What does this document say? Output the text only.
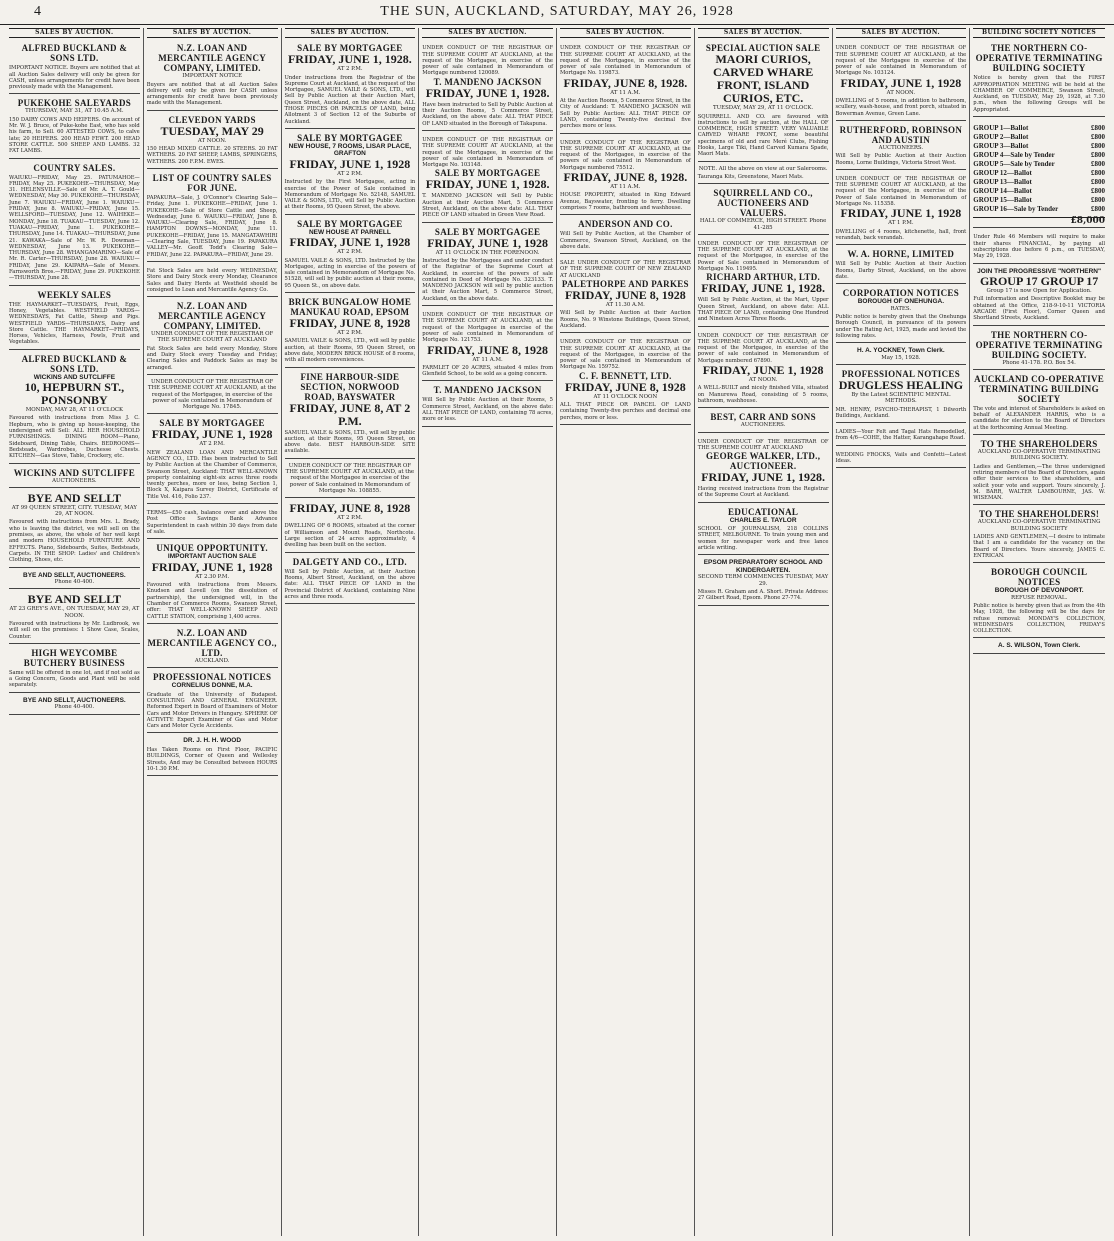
4	THE SUN, AUCKLAND, SATURDAY, MAY 26, 1928
SALES BY AUCTION.
ALFRED BUCKLAND & SONS LTD.
IMPORTANT NOTICE. Buyers are notified that at all Auction Sales delivery will only be given for CASH, unless arrangements for credit have been previously made with the Management.
PUKEKOHE SALEYARDS
THURSDAY, MAY 31, AT 10.45 A.M.
150 DAIRY COWS AND HEIFERS. On account of Mr. W. J. Bruce, of Puke-kohe East, who has sold his farm, to Sell. 60 ATTESTED COWS, to calve late; 20 HEIFERS. 200 HEAD FEWT. 200 HEAD STORE CATTLE. 500 SHEEP AND LAMBS. 32 FAT LAMBS.
COUNTRY SALES.
WAIUKU—FRIDAY, May 25. PATUMAHOE—FRIDAY, May 25. PUKEKOHE—THURSDAY, May 31. HELENSVILLE—Sale of Mr. A. T. Gould—WEDNESDAY, May 30. PUKEKOHE—THURSDAY, June 7. WAIUKU—FRIDAY, June 1. WAIUKU—FRIDAY, June 8. WAIUKU—FRIDAY, June 15. WELLSFORD—TUESDAY, June 12. WAIHEKE—MONDAY, June 18. TUAKAU—TUESDAY, June 12. TUAKAU—FRIDAY, June 1. PUKEKOHE—THURSDAY, June 14. TUAKAU—THURSDAY, June 21. KAWAKA—Sale of Mr. W. R. Dowman—WEDNESDAY, June 13. PUKEKOHE—THURSDAY, June 28. WHANGAMARINO—Sale of Mr. R. Carter—THURSDAY, June 28. WAIUKU—FRIDAY, June 29. KAIPARA—Sale of Messrs. Farnsworth Bros.—FRIDAY, June 29. PUKEKOHE—THURSDAY, June 28.
WEEKLY SALES
THE HAYMARKET—TUESDAYS, Fruit, Eggs, Honey, Vegetables. WESTFIELD YARDS—WEDNESDAYS, Fat Cattle, Sheep and Pigs. WESTFIELD YARDS—THURSDAYS, Dairy and Store Cattle. THE HAYMARKET—FRIDAYS, Horses, Vehicles, Harness, Fowls, Fruit and Vegetables.
ALFRED BUCKLAND & SONS LTD.
WICKINS AND SUTCLIFFE
10, HEPBURN ST., PONSONBY
MONDAY, MAY 28, AT 11 O'CLOCK
Favoured with instructions from Miss J. C. Hepburn, who is giving up house-keeping, the undersigned will Sell: ALL HER HOUSEHOLD FURNISHINGS. DINING ROOM—Piano, Sideboard, Dining Table, Chairs. BEDROOMS—Bedsteads, Wardrobes, Duchesse Chests. KITCHEN—Gas Stove, Table, Crockery, etc.
WICKINS AND SUTCLIFFE
AUCTIONEERS.
BYE AND SELLT
AT 99 QUEEN STREET, CITY. TUESDAY, MAY 29, AT NOON.
Favoured with instructions from Mrs. L. Brady, who is leaving the district, we will sell on the premises, as above, the whole of her well kept and modern HOUSEHOLD FURNITURE AND EFFECTS. Piano, Sideboards, Suites, Bedsteads, Carpets. IN THE SHOP: Ladies' and Children's Clothing, Shoes, etc.
BYE AND SELLT, AUCTIONEERS.
Phone 40-400.
BYE AND SELLT
AT 23 GREY'S AVE., ON TUESDAY, MAY 29, AT NOON.
Favoured with instructions by Mr. Ludbrook, we will sell on the premises: 1 Show Case, Scales, Counter.
HIGH WEYCOMBE BUTCHERY BUSINESS
Same will be offered in one lot, and if not sold as a Going Concern, Goods and Plant will be sold separately.
BYE AND SELLT, AUCTIONEERS.
Phone 40-400.
SALES BY AUCTION.
N.Z. LOAN AND MERCANTILE AGENCY COMPANY, LIMITED.
IMPORTANT NOTICE
Buyers are notified that at all Auction Sales delivery will only be given for CASH unless arrangements for credit have been previously made with the Management.
CLEVEDON YARDS
TUESDAY, MAY 29
AT NOON.
150 HEAD MIXED CATTLE. 20 STEERS. 20 FAT WETHERS. 20 FAT SHEEP, LAMBS, SPRINGERS, WETHERS. 200 F.P.M. EWES.
LIST OF COUNTRY SALES FOR JUNE.
PAPAKURA—Sale, J. O'Connor's Clearing Sale—Friday, June 1. PUKEKOHE—FRIDAY, June 1. PUKEKOHE—Sale of Store Cattle and Sheep, Wednesday, June 6. WAIUKU—FRIDAY, June 8. WAIUKU—Clearing Sale, FRIDAY, June 8. HAMPTON DOWNS—MONDAY, June 11. PUKEKOHE—FRIDAY, June 15. MANGATAWHIRI—Clearing Sale, TUESDAY, June 19. PAPAKURA VALLEY—Mr. Geoff. Todd's Clearing Sale—FRIDAY, June 22. PAPAKURA—FRIDAY, June 29.
Fat Stock Sales are held every WEDNESDAY, Store and Dairy Stock every Monday, Clearance Sales and Dairy Herds at Westfield should be consigned to Loan and Mercantile Agency Co.
N.Z. LOAN AND MERCANTILE AGENCY COMPANY, LIMITED.
UNDER CONDUCT OF THE REGISTRAR OF THE SUPREME COURT AT AUCKLAND
Fat Stock Sales are held every Monday, Store and Dairy Stock every Tuesday and Friday; Clearing Sales and Paddock Sales as may be arranged.
UNDER CONDUCT OF THE REGISTRAR OF THE SUPREME COURT AT AUCKLAND, at the request of the Mortgagee, in exercise of the power of sale contained in Memorandum of Mortgage No. 17845.
SALE BY MORTGAGEE
FRIDAY, JUNE 1, 1928
AT 2 P.M.
NEW ZEALAND LOAN AND MERCANTILE AGENCY CO., LTD. Has been instructed to Sell by Public Auction at the Chamber of Commerce, Swanson Street, Auckland: THAT WELL-KNOWN property containing eight-six acres three roods twenty perches, more or less, being Section 1, Block X, Kaipara Survey District, Certificate of Title Vol. 416, Folio 237.
TERMS—£50 cash, balance over and above the Post Office Savings Bank Advance Superintendent in cash within 30 days from date of sale.
UNIQUE OPPORTUNITY.
IMPORTANT AUCTION SALE
FRIDAY, JUNE 1, 1928
AT 2.30 P.M.
Favoured with instructions from Messrs. Knudsen and Lovell (on the dissolution of partnership), the undersigned will, in the Chamber of Commerce Rooms, Swanson Street, offer: THAT WELL-KNOWN SHEEP AND CATTLE STATION, comprising 1,400 acres.
N.Z. LOAN AND MERCANTILE AGENCY CO., LTD.
AUCKLAND.
PROFESSIONAL NOTICES
CORNELIUS DONNE, M.A.
Graduate of the University of Budapest. CONSULTING AND GENERAL ENGINEER. Reformed Expert in Board of Examiners of Motor Cars and Motor Drivers in Hungary. SPHERE OF ACTIVITY: Expert Examiner of Gas and Motor Cars and Motor Cycle Accidents.
DR. J. H. H. WOOD
Has Taken Rooms on First Floor, PACIFIC BUILDINGS, Corner of Queen and Wellesley Streets, And may be Consulted between HOURS 10-1.30 P.M.
SALES BY AUCTION.
SALE BY MORTGAGEE
FRIDAY, JUNE 1, 1928.
AT 2 P.M.
Under instructions from the Registrar of the Supreme Court at Auckland, at the request of the Mortgagee, SAMUEL VAILE & SONS, LTD., will Sell by Public Auction at their Auction Mart, Queen Street, Auckland, on the above date, ALL THOSE PIECES OR PARCELS OF LAND, being Allotment 3 of Section 12 of the Suburbs of Auckland.
SALE BY MORTGAGEE
NEW HOUSE, 7 ROOMS, LISAR PLACE, GRAFTON
FRIDAY, JUNE 1, 1928
AT 2 P.M.
Instructed by the First Mortgagee, acting in exercise of the Power of Sale contained in Memorandum of Mortgage No. 52148, SAMUEL VAILE & SONS, LTD., will Sell by Public Auction at their Rooms, 95 Queen Street, the above.
SALE BY MORTGAGEE
NEW HOUSE AT PARNELL
FRIDAY, JUNE 1, 1928
AT 2 P.M.
SAMUEL VAILE & SONS, LTD. Instructed by the Mortgagee, acting in exercise of the powers of sale contained in Memorandum of Mortgage No. 51528, will sell by public auction at their rooms, 95 Queen St., on above date.
BRICK BUNGALOW HOME MANUKAU ROAD, EPSOM
FRIDAY, JUNE 8, 1928
AT 2 P.M.
SAMUEL VAILE & SONS, LTD., will sell by public auction, at their Rooms, 95 Queen Street, on above date, MODERN BRICK HOUSE of 8 rooms, with all modern conveniences.
FINE HARBOUR-SIDE SECTION, NORWOOD ROAD, BAYSWATER
FRIDAY, JUNE 8, AT 2 P.M.
SAMUEL VAILE & SONS, LTD., will sell by public auction, at their Rooms, 95 Queen Street, on above date. BEST HARBOUR-SIDE SITE available.
UNDER CONDUCT OF THE REGISTRAR OF THE SUPREME COURT AT AUCKLAND, at the request of the Mortgagee in exercise of the power of Sale contained in Memorandum of Mortgage No. 108855.
FRIDAY, JUNE 8, 1928
AT 2 P.M.
DWELLING OF 6 ROOMS, situated at the corner of Williamson and Mount Roads, Northcote. Large section of 24 acres approximately, 4 dwelling has been built on the section.
DALGETY AND CO., LTD.
Will Sell by Public Auction, at their Auction Rooms, Albert Street, Auckland, on the above date: ALL THAT PIECE OF LAND in the Provincial District of Auckland, containing Nine acres and three roods.
SALES BY AUCTION.
UNDER CONDUCT OF THE REGISTRAR OF THE SUPREME COURT AT AUCKLAND, at the request of the Mortgagee, in exercise of the power of sale contained in Memorandum of Mortgage numbered 120089.
T. MANDENO JACKSON
FRIDAY, JUNE 1, 1928.
Have been instructed to Sell by Public Auction at their Auction Rooms, 5 Commerce Street, Auckland, on the above date: ALL THAT PIECE OF LAND situated in the Borough of Takapuna.
UNDER CONDUCT OF THE REGISTRAR OF THE SUPREME COURT AT AUCKLAND, at the request of the Mortgagee, in exercise of the power of sale contained in Memorandum of Mortgage No. 103148.
SALE BY MORTGAGEE
FRIDAY, JUNE 1, 1928.
T. MANDENO JACKSON will Sell by Public Auction at their Auction Mart, 5 Commerce Street, Auckland, on the above date: ALL THAT PIECE OF LAND situated in Green View Road.
SALE BY MORTGAGEE
FRIDAY, JUNE 1, 1928
AT 11 O'CLOCK IN THE FORENOON.
Instructed by the Mortgagees and under conduct of the Registrar of the Supreme Court at Auckland, in exercise of the powers of sale contained in Deed of Mortgage No. 323133. T. MANDENO JACKSON will sell by public auction at their Auction Mart, 5 Commerce Street, Auckland, on the above date.
UNDER CONDUCT OF THE REGISTRAR OF THE SUPREME COURT AT AUCKLAND, at the request of the Mortgagee in exercise of the power of sale contained in Memorandum of Mortgage No. 121753.
FRIDAY, JUNE 8, 1928
AT 11 A.M.
FARMLET OF 20 ACRES, situated 4 miles from Glenfield School, to be sold as a going concern.
T. MANDENO JACKSON
Will Sell by Public Auction at their Rooms, 5 Commerce Street, Auckland, on the above date: ALL THAT PIECE OF LAND, containing 78 acres, more or less.
SALES BY AUCTION.
UNDER CONDUCT OF THE REGISTRAR OF THE SUPREME COURT AT AUCKLAND, at the request of the Mortgagee, in exercise of the power of sale contained in Memorandum of Mortgage No. 119873.
FRIDAY, JUNE 8, 1928.
AT 11 A.M.
At the Auction Rooms, 5 Commerce Street, in the City of Auckland: T. MANDENO JACKSON will Sell by Public Auction: ALL THAT PIECE OF LAND, containing Twenty-five decimal five perches more or less.
UNDER CONDUCT OF THE REGISTRAR OF THE SUPREME COURT AT AUCKLAND, at the request of the Mortgagee, in exercise of the powers of sale contained in Memorandum of Mortgage numbered 75512.
FRIDAY, JUNE 8, 1928.
AT 11 A.M.
HOUSE PROPERTY, situated in King Edward Avenue, Bayswater, fronting to ferry. Dwelling comprises 7 rooms, bathroom and washhouse.
ANDERSON AND CO.
Will Sell by Public Auction, at the Chamber of Commerce, Swanson Street, Auckland, on the above date.
SALE UNDER CONDUCT OF THE REGISTRAR OF THE SUPREME COURT OF NEW ZEALAND AT AUCKLAND
PALETHORPE AND PARKES
FRIDAY, JUNE 8, 1928
AT 11.30 A.M.
Will Sell by Public Auction at their Auction Rooms, No. 9 Winstone Buildings, Queen Street, Auckland.
UNDER CONDUCT OF THE REGISTRAR OF THE SUPREME COURT AT AUCKLAND, at the request of the Mortgagee, in exercise of the power of sale contained in Memorandum of Mortgage No. 159752.
C. F. BENNETT, LTD.
FRIDAY, JUNE 8, 1928
AT 11 O'CLOCK NOON
ALL THAT PIECE OR PARCEL OF LAND containing Twenty-five perches and decimal one perches, more or less.
SALES BY AUCTION.
SPECIAL AUCTION SALE
MAORI CURIOS, CARVED WHARE FRONT, ISLAND CURIOS, ETC.
TUESDAY, MAY 29, AT 11 O'CLOCK.
SQUIRRELL AND CO. are favoured with instructions to sell by auction, at the HALL OF COMMERCE, HIGH STREET: VERY VALUABLE CARVED WHARE FRONT, some beautiful specimens of old and rare Meré Clubs, Fishing Hooks, Large Tiki, Hand Carved Kumara Spade, Maori Mats.
NOTE. All the above on view at our Salerooms.
Tauranga Kits, Greenstone, Maori Mats.
SQUIRRELL AND CO., AUCTIONEERS AND VALUERS.
HALL OF COMMERCE, HIGH STREET. Phone 41-285
UNDER CONDUCT OF THE REGISTRAR OF THE SUPREME COURT AT AUCKLAND, at the request of the Mortgagee, in exercise of the Power of Sale contained in Memorandum of Mortgage No. 119495.
RICHARD ARTHUR, LTD.
FRIDAY, JUNE 1, 1928.
Will Sell by Public Auction, at the Mart, Upper Queen Street, Auckland, on above date: ALL THAT PIECE OF LAND, containing One Hundred and Nineteen Acres Three Roods.
UNDER CONDUCT OF THE REGISTRAR OF THE SUPREME COURT AT AUCKLAND, at the request of the Mortgagee, in exercise of the power of sale contained in Memorandum of Mortgage numbered 67890.
FRIDAY, JUNE 1, 1928
AT NOON.
A WELL-BUILT and nicely finished Villa, situated on Manurewa Road, consisting of 5 rooms, bathroom, washhouse.
BEST, CARR AND SONS
AUCTIONEERS.
UNDER CONDUCT OF THE REGISTRAR OF THE SUPREME COURT AT AUCKLAND
GEORGE WALKER, LTD., AUCTIONEER.
FRIDAY, JUNE 1, 1928.
Having received instructions from the Registrar of the Supreme Court at Auckland.
EDUCATIONAL
CHARLES E. TAYLOR
SCHOOL OF JOURNALISM, 218 COLLINS STREET, MELBOURNE. To train young men and women for newspaper work and free lance article writing.
EPSOM PREPARATORY SCHOOL AND KINDERGARTEN.
SECOND TERM COMMENCES TUESDAY, MAY 29.
Misses R. Graham and A. Short. Private Address: 27 Gilbert Road, Epsom. Phone 27-774.
SALES BY AUCTION.
UNDER CONDUCT OF THE REGISTRAR OF THE SUPREME COURT AT AUCKLAND, at the request of the Mortgagee in exercise of the power of sale contained in Memorandum of Mortgage No. 103124.
FRIDAY, JUNE 1, 1928
AT NOON.
DWELLING of 5 rooms, in addition to bathroom, scullery, wash-house, and front porch, situated in Bowerman Avenue, Green Lane.
RUTHERFORD, ROBINSON AND AUSTIN
AUCTIONEERS.
Will Sell by Public Auction at their Auction Rooms, Lorne Buildings, Victoria Street West.
UNDER CONDUCT OF THE REGISTRAR OF THE SUPREME COURT AT AUCKLAND, at the request of the Mortgagee, in exercise of the Power of Sale contained in Memorandum of Mortgage No. 115358.
FRIDAY, JUNE 1, 1928
AT 1 P.M.
DWELLING of 4 rooms, kitchenette, hall, front verandah, back verandah.
W. A. HORNE, LIMITED
Will Sell by Public Auction at their Auction Rooms, Darby Street, Auckland, on the above date.
CORPORATION NOTICES
BOROUGH OF ONEHUNGA.
RATES.
Public notice is hereby given that the Onehunga Borough Council, in pursuance of its powers under The Rating Act, 1925, made and levied the following rates.
H. A. YOCKNEY, Town Clerk.
May 15, 1928.
PROFESSIONAL NOTICES
DRUGLESS HEALING
By the Latest SCIENTIFIC MENTAL METHODS.
MR. HENRY, PSYCHO-THERAPIST, 1 Dilworth Buildings, Auckland.
LADIES—Your Felt and Tagal Hats Remodelled, from 4/6—COHE, the Hatter, Karangahape Road.
WEDDING FROCKS, Vails and Confetti—Latest Ideas.
BUILDING SOCIETY NOTICES
THE NORTHERN CO-OPERATIVE TERMINATING BUILDING SOCIETY
Notice is hereby given that the FIRST APPROPRIATION MEETING will be held at the CHAMBER OF COMMERCE, Swanson Street, Auckland, on TUESDAY, May 29, 1928, at 7.30 p.m., when the following Groups will be Appropriated.
GROUP 1—Ballot	£800
GROUP 2—Ballot	£800
GROUP 3—Ballot	£800
GROUP 4—Sale by Tender	£800
GROUP 5—Sale by Tender	£800
GROUP 12—Ballot	£800
GROUP 13—Ballot	£800
GROUP 14—Ballot	£800
GROUP 15—Ballot	£800
GROUP 16—Sale by Tender	£800
£8,000
Under Rule 46 Members will require to make their shares FINANCIAL, by paying all subscriptions due before 6 p.m., on TUESDAY, May 29, 1928.
JOIN THE PROGRESSIVE "NORTHERN"
GROUP 17 GROUP 17
Group 17 is now Open for Application.
Full information and Descriptive Booklet may be obtained at the Office, 218-9-10-11 VICTORIA ARCADE (First Floor), Corner Queen and Shortland Streets, Auckland.
THE NORTHERN CO-OPERATIVE TERMINATING BUILDING SOCIETY.
Phone 41-178. P.O. Box 54.
AUCKLAND CO-OPERATIVE TERMINATING BUILDING SOCIETY
The vote and interest of Shareholders is asked on behalf of ALEXANDER HARRIS, who is a candidate for election to the Board of Directors at the forthcoming Annual Meeting.
TO THE SHAREHOLDERS
AUCKLAND CO-OPERATIVE TERMINATING BUILDING SOCIETY.
Ladies and Gentlemen,—The three undersigned retiring members of the Board of Directors, again offer their services to the shareholders, and solicit your vote and support. Yours sincerely, J. M. BARR, WALTER LAMBOURNE, JAS. W. WISEMAN.
TO THE SHAREHOLDERS!
AUCKLAND CO-OPERATIVE TERMINATING BUILDING SOCIETY
LADIES AND GENTLEMEN,—I desire to intimate that I am a candidate for the vacancy on the Board of Directors. Yours sincerely, JAMES C. ENTRICAN.
BOROUGH COUNCIL NOTICES
BOROUGH OF DEVONPORT.
REFUSE REMOVAL.
Public notice is hereby given that as from the 4th May, 1928, the following will be the days for refuse removal: MONDAY'S COLLECTION, WEDNESDAYS COLLECTION, FRIDAY'S COLLECTION.
A. S. WILSON, Town Clerk.
